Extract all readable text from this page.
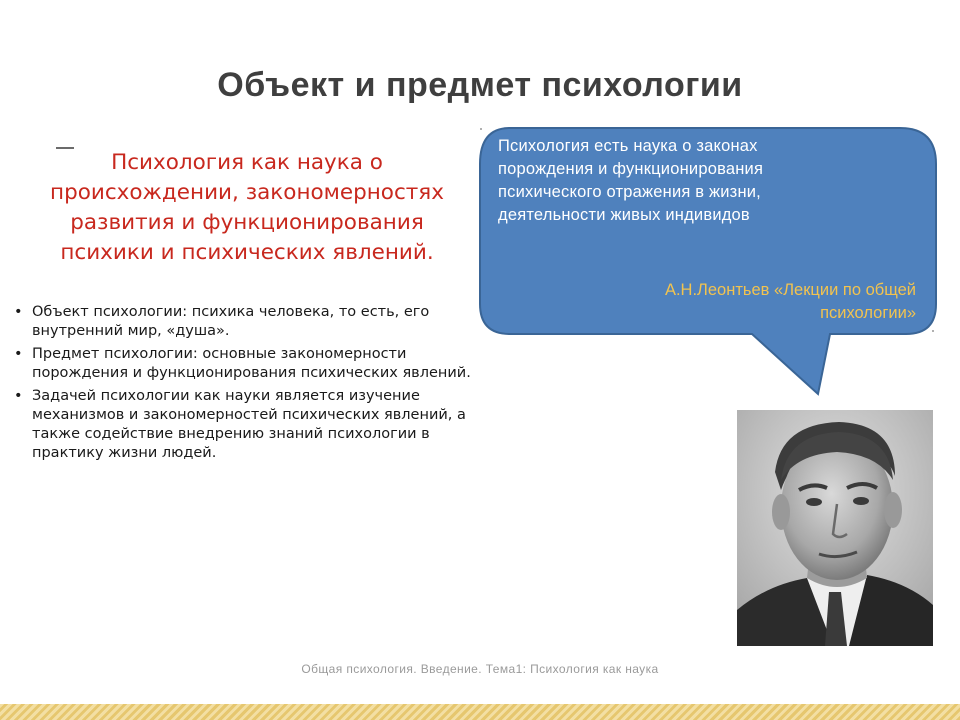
Объект и предмет психологии
Психология как наука о
происхождении, закономерностях
развития и функционирования
психики и психических явлений.
• Объект психологии: психика человека, то есть, его внутренний мир, «душа».
• Предмет психологии: основные закономерности порождения и функционирования психических явлений.
• Задачей психологии как науки является изучение механизмов и закономерностей психических явлений, а также содействие внедрению знаний психологии в практику жизни людей.
Психология есть наука о законах
порождения и функционирования
психического отражения в жизни,
деятельности живых индивидов
А.Н.Леонтьев «Лекции по общей
психологии»
Общая психология. Введение. Тема1: Психология как наука
